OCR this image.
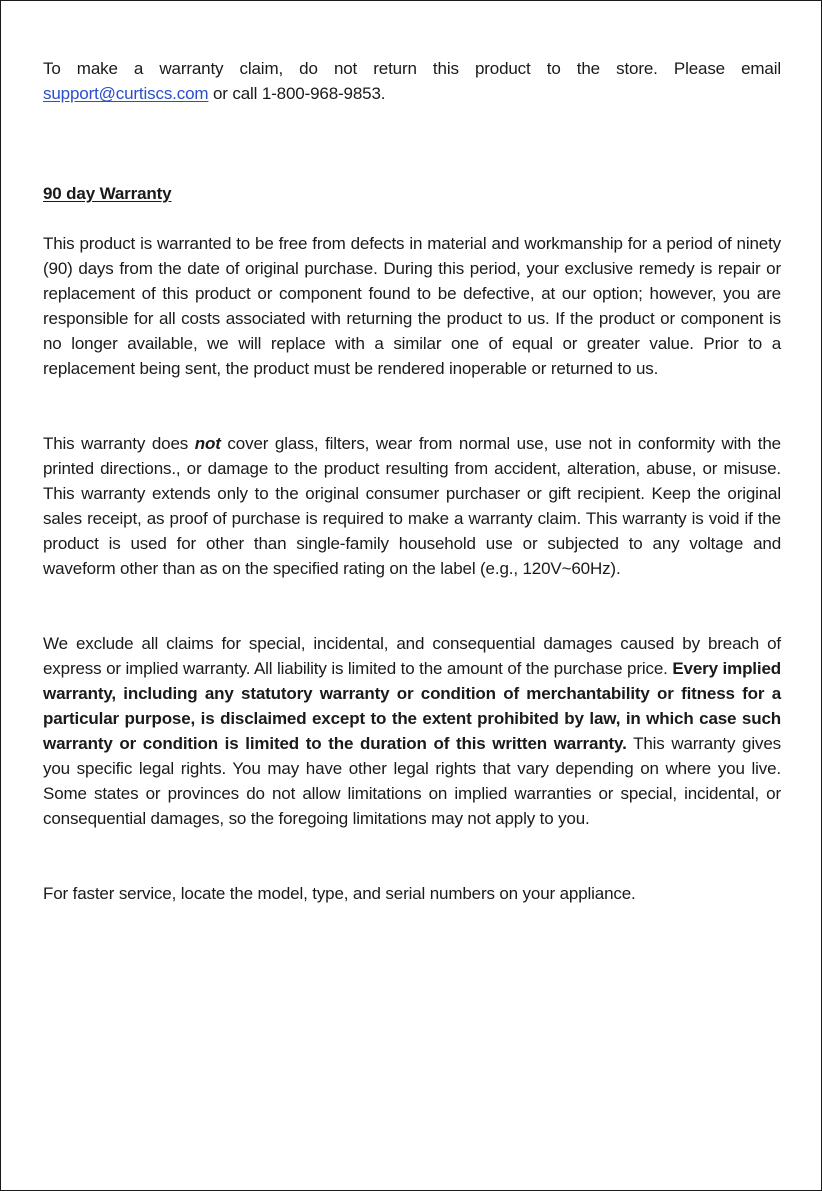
To make a warranty claim, do not return this product to the store. Please email support@curtiscs.com or call 1-800-968-9853.

90 day Warranty

This product is warranted to be free from defects in material and workmanship for a period of ninety (90) days from the date of original purchase. During this period, your exclusive remedy is repair or replacement of this product or component found to be defective, at our option; however, you are responsible for all costs associated with returning the product to us. If the product or component is no longer available, we will replace with a similar one of equal or greater value. Prior to a replacement being sent, the product must be rendered inoperable or returned to us.

This warranty does not cover glass, filters, wear from normal use, use not in conformity with the printed directions., or damage to the product resulting from accident, alteration, abuse, or misuse. This warranty extends only to the original consumer purchaser or gift recipient. Keep the original sales receipt, as proof of purchase is required to make a warranty claim. This warranty is void if the product is used for other than single-family household use or subjected to any voltage and waveform other than as on the specified rating on the label (e.g., 120V~60Hz).

We exclude all claims for special, incidental, and consequential damages caused by breach of express or implied warranty. All liability is limited to the amount of the purchase price. Every implied warranty, including any statutory warranty or condition of merchantability or fitness for a particular purpose, is disclaimed except to the extent prohibited by law, in which case such warranty or condition is limited to the duration of this written warranty. This warranty gives you specific legal rights. You may have other legal rights that vary depending on where you live. Some states or provinces do not allow limitations on implied warranties or special, incidental, or consequential damages, so the foregoing limitations may not apply to you.

For faster service, locate the model, type, and serial numbers on your appliance.
